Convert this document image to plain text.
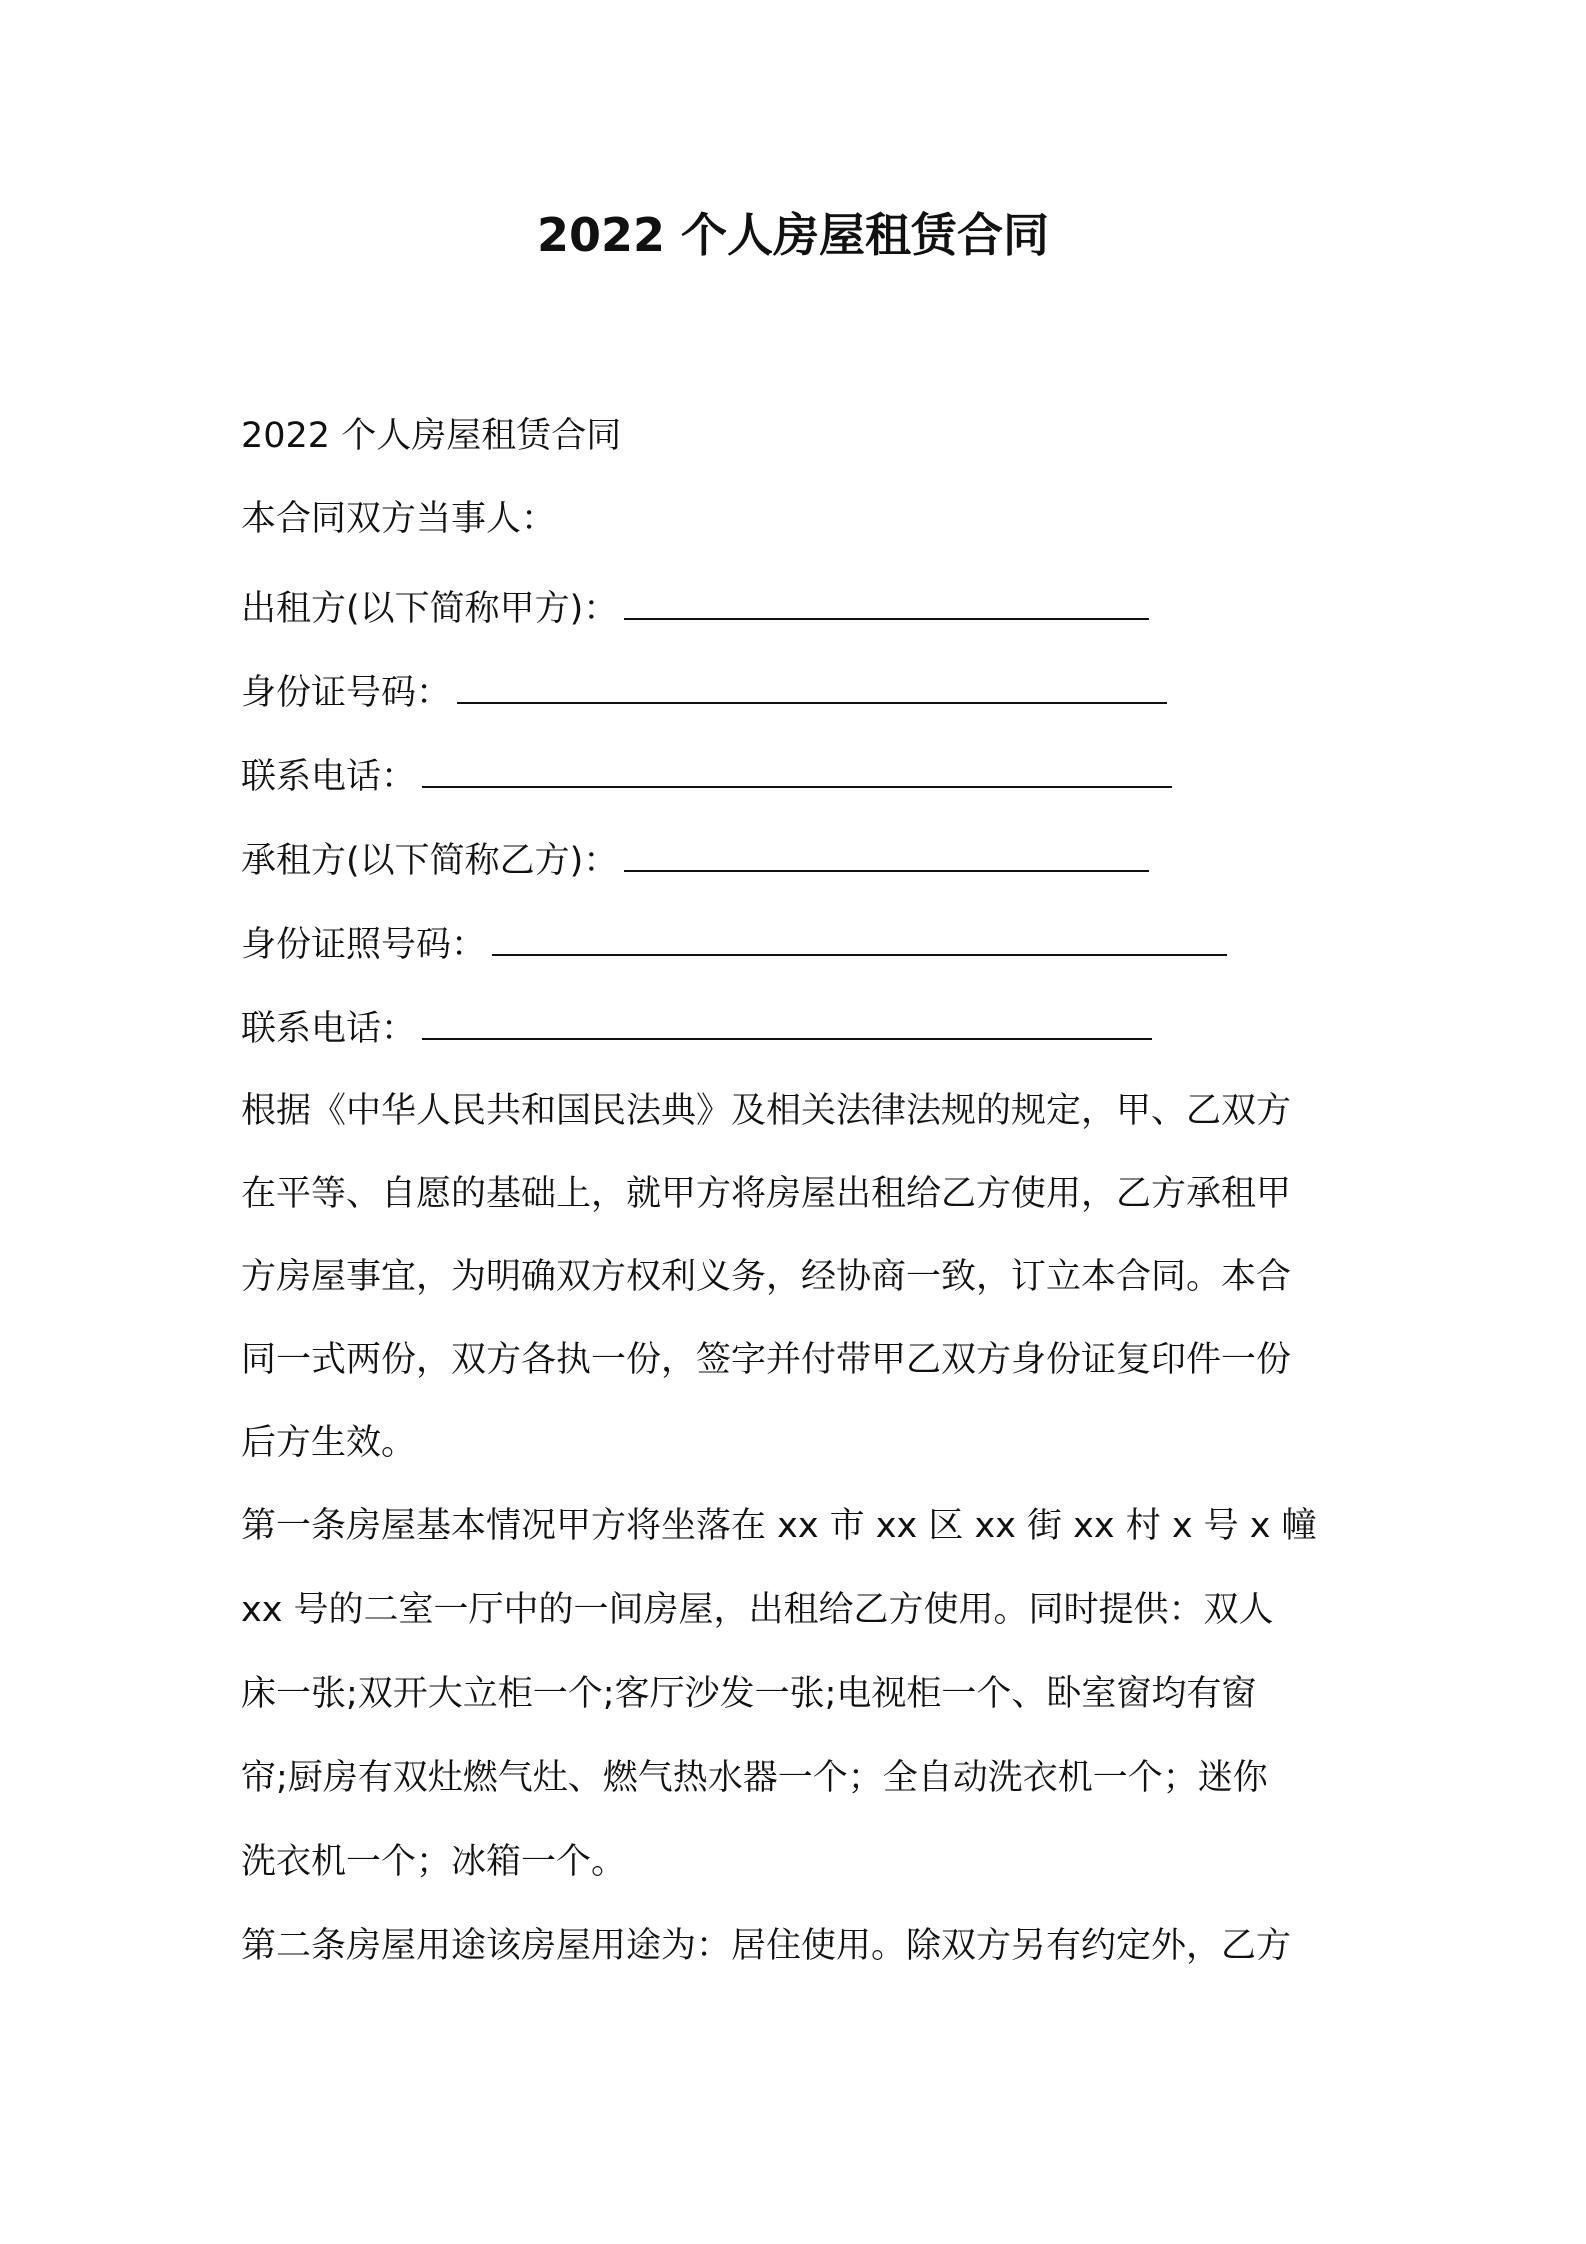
2022 个人房屋租赁合同
2022 个人房屋租赁合同
本合同双方当事人：
出租方(以下简称甲方)：
身份证号码：
联系电话：
承租方(以下简称乙方)：
身份证照号码：
联系电话：
根据《中华人民共和国民法典》及相关法律法规的规定，甲、乙双方
在平等、自愿的基础上，就甲方将房屋出租给乙方使用，乙方承租甲
方房屋事宜，为明确双方权利义务，经协商一致，订立本合同。本合
同一式两份，双方各执一份，签字并付带甲乙双方身份证复印件一份
后方生效。
第一条房屋基本情况甲方将坐落在 xx 市 xx 区 xx 街 xx 村 x 号 x 幢
xx 号的二室一厅中的一间房屋，出租给乙方使用。同时提供：双人
床一张;双开大立柜一个;客厅沙发一张;电视柜一个、卧室窗均有窗
帘;厨房有双灶燃气灶、燃气热水器一个；全自动洗衣机一个；迷你
洗衣机一个；冰箱一个。
第二条房屋用途该房屋用途为：居住使用。除双方另有约定外，乙方
